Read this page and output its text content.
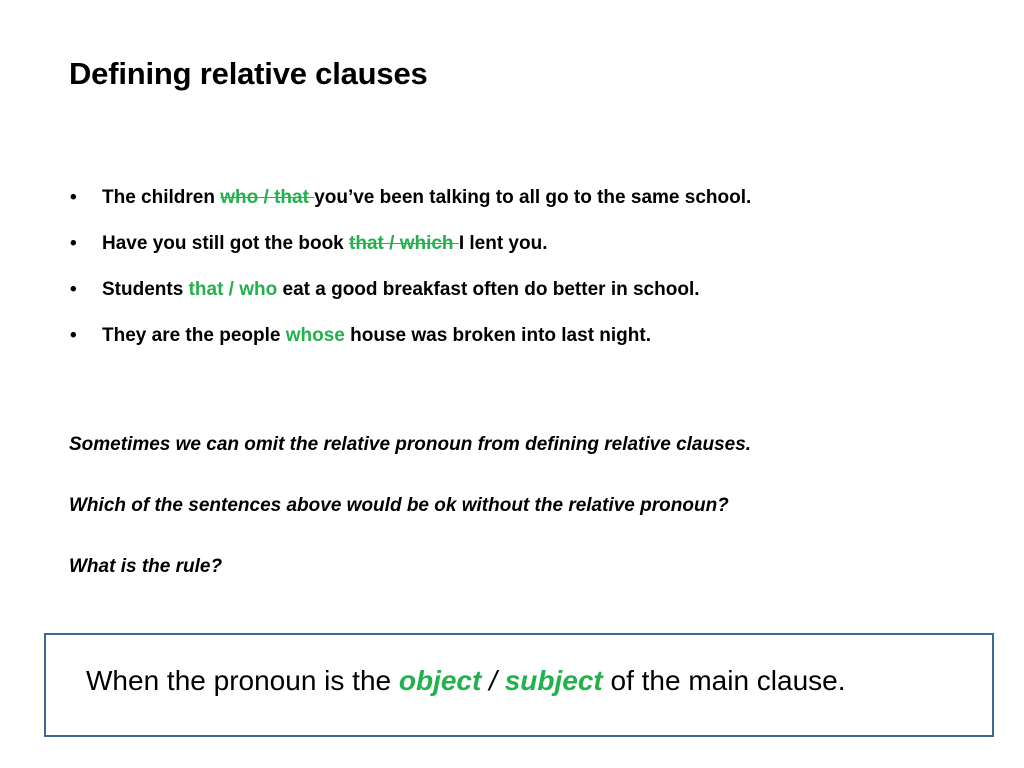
Defining relative clauses
• The children who / that you’ve been talking to all go to the same school.
• Have you still got the book that / which I lent you.
• Students that / who eat a good breakfast often do better in school.
• They are the people whose house was broken into last night.

Sometimes we can omit the relative pronoun from defining relative clauses.

Which of the sentences above would be ok without the relative pronoun?

What is the rule?

When the pronoun is the object / subject of the main clause.
